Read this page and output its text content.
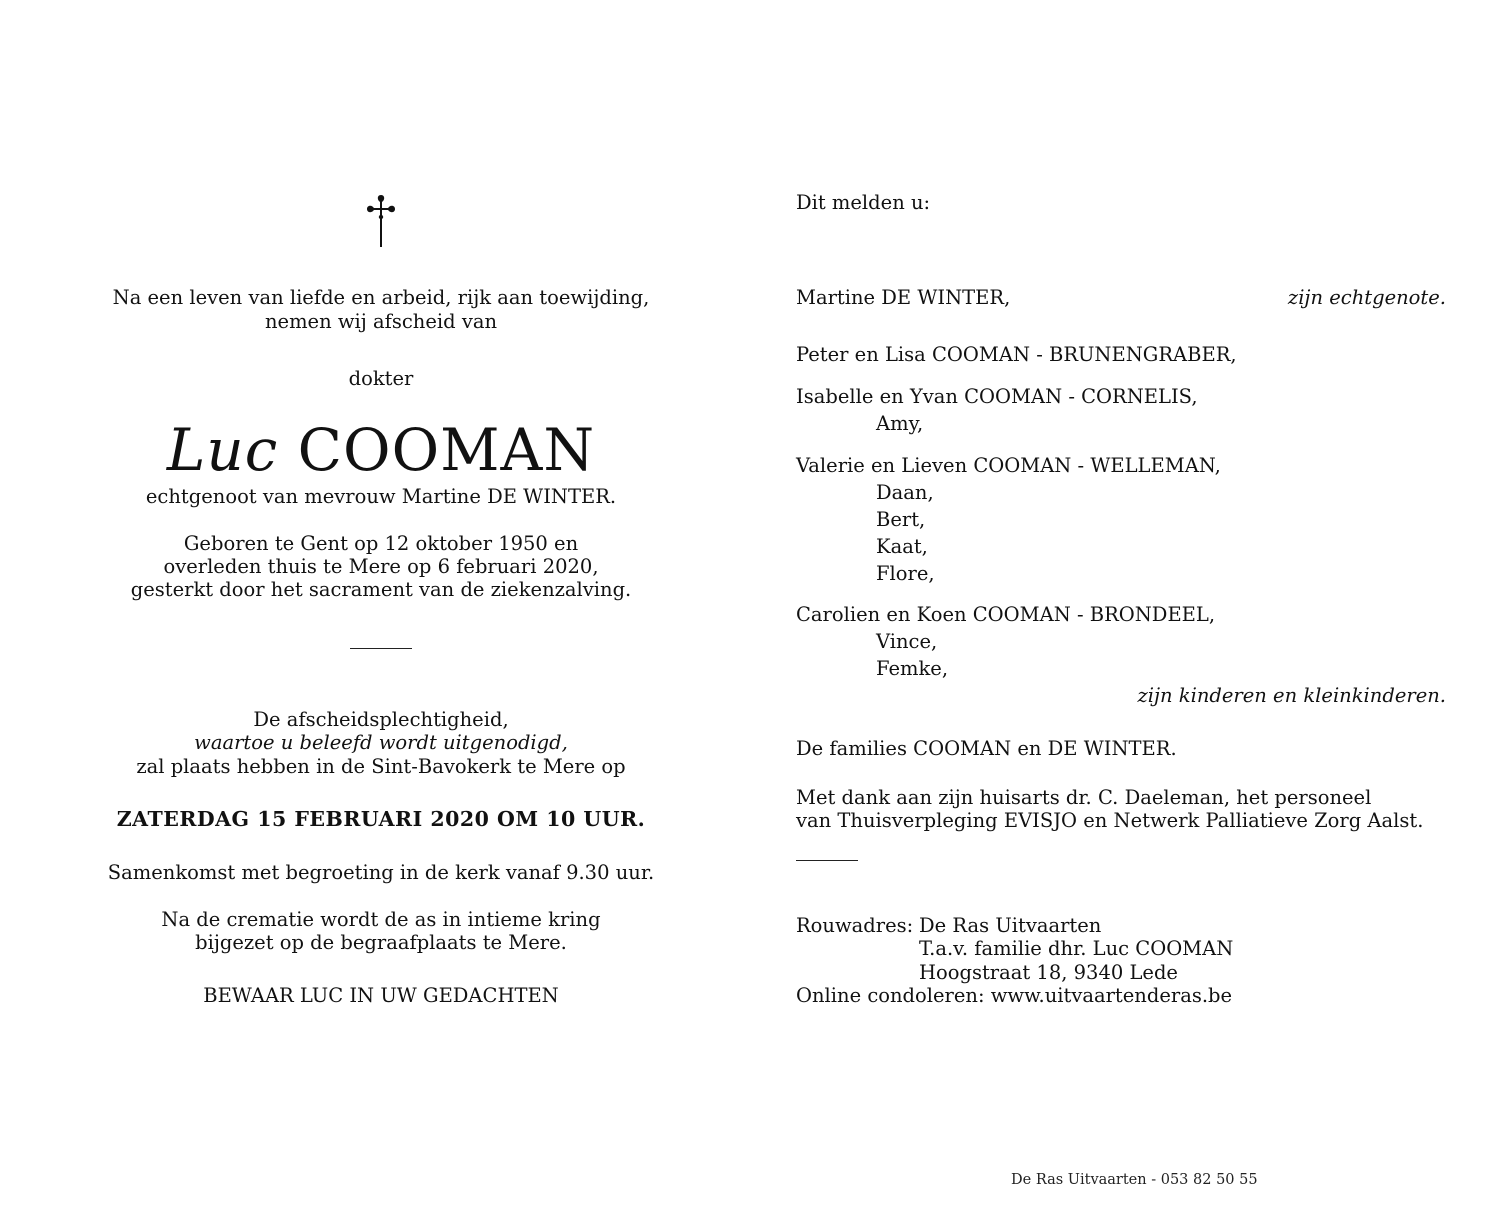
Na een leven van liefde en arbeid, rijk aan toewijding,
nemen wij afscheid van
dokter
Luc COOMAN
echtgenoot van mevrouw Martine DE WINTER.
Geboren te Gent op 12 oktober 1950 en
overleden thuis te Mere op 6 februari 2020,
gesterkt door het sacrament van de ziekenzalving.
De afscheidsplechtigheid,
waartoe u beleefd wordt uitgenodigd,
zal plaats hebben in de Sint-Bavokerk te Mere op
ZATERDAG 15 FEBRUARI 2020 OM 10 UUR.
Samenkomst met begroeting in de kerk vanaf 9.30 uur.
Na de crematie wordt de as in intieme kring
bijgezet op de begraafplaats te Mere.
BEWAAR LUC IN UW GEDACHTEN
Dit melden u:
Martine DE WINTER,	zijn echtgenote.
Peter en Lisa COOMAN - BRUNENGRABER,
Isabelle en Yvan COOMAN - CORNELIS,
Amy,
Valerie en Lieven COOMAN - WELLEMAN,
Daan,
Bert,
Kaat,
Flore,
Carolien en Koen COOMAN - BRONDEEL,
Vince,
Femke,
zijn kinderen en kleinkinderen.
De families COOMAN en DE WINTER.
Met dank aan zijn huisarts dr. C. Daeleman, het personeel
van Thuisverpleging EVISJO en Netwerk Palliatieve Zorg Aalst.
Rouwadres: De Ras Uitvaarten
T.a.v. familie dhr. Luc COOMAN
Hoogstraat 18, 9340 Lede
Online condoleren: www.uitvaartenderas.be
De Ras Uitvaarten - 053 82 50 55
